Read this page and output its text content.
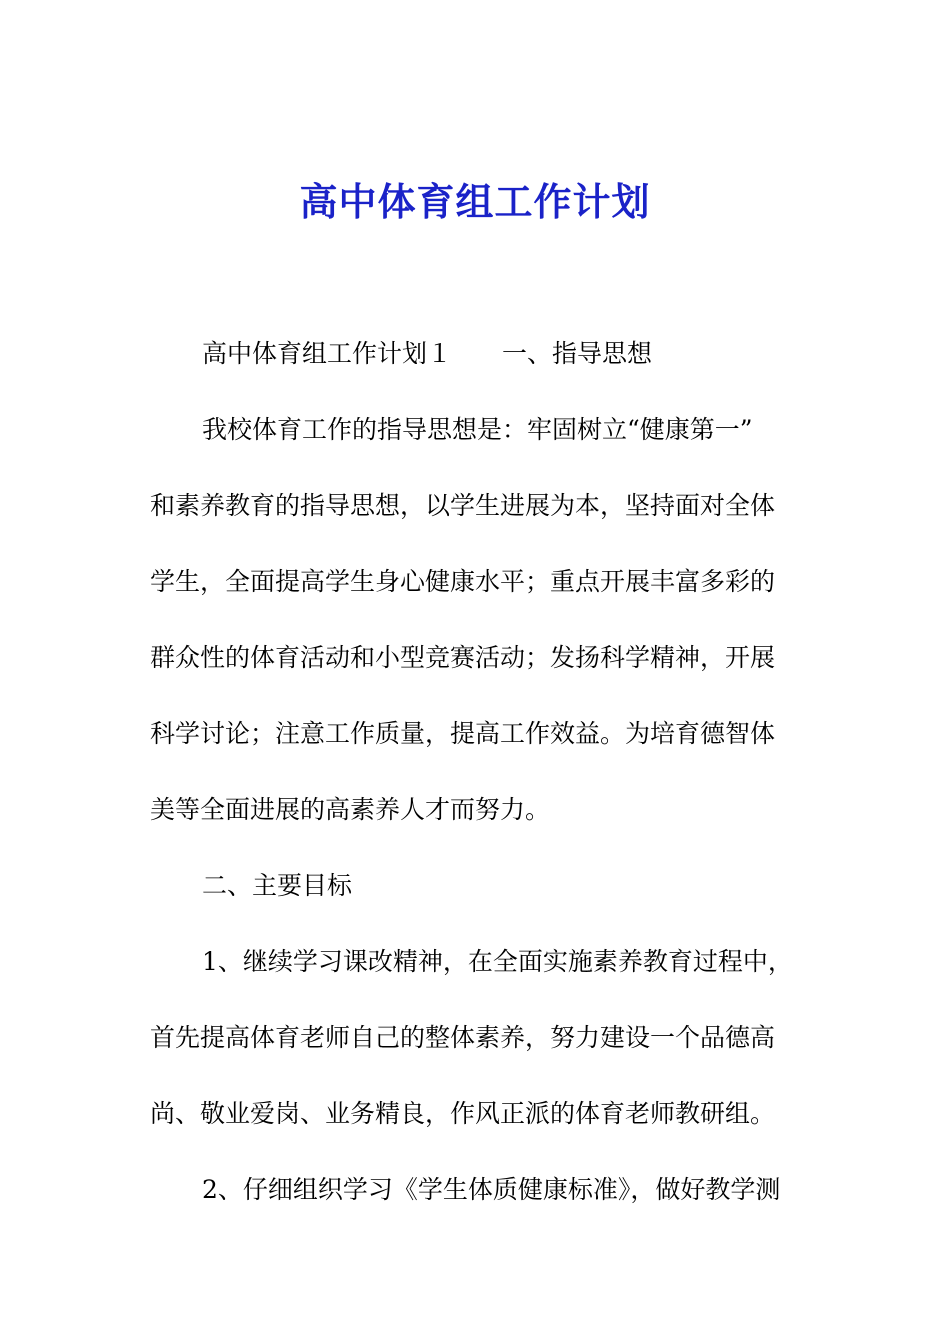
高中体育组工作计划
高中体育组工作计划１ 一、指导思想
我校体育工作的指导思想是：牢固树立“健康第一”
和素养教育的指导思想，以学生进展为本，坚持面对全体
学生，全面提高学生身心健康水平；重点开展丰富多彩的
群众性的体育活动和小型竞赛活动；发扬科学精神，开展
科学讨论；注意工作质量，提高工作效益。为培育德智体
美等全面进展的高素养人才而努力。
二、主要目标
1、继续学习课改精神，在全面实施素养教育过程中，
首先提高体育老师自己的整体素养，努力建设一个品德高
尚、敬业爱岗、业务精良，作风正派的体育老师教研组。
2、仔细组织学习《学生体质健康标准》，做好教学测
